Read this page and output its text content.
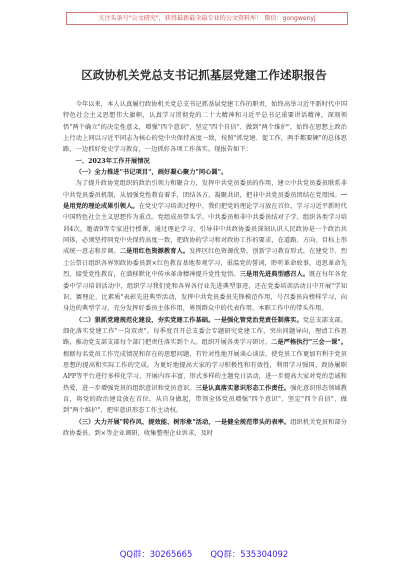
关注头条号"公文研究"，获得最新最全最专业的公文资料库！ 微信：gongwenyj
区政协机关党总支书记抓基层党建工作述职报告

今年以来，本人认真履行政协机关党总支书记抓基层党建工作的职责，始终高举习近平新时代中国特色社会主义思想伟大旗帜，认真学习贯彻党的二十大精神和习近平总书记重要讲话精神，深刻领悟"两个确立"的决定性意义，增强"四个意识"、坚定"四个自信"、做到"两个维护"，始终在思想上政治上行动上同以习近平同志为核心的党中央保持高度一致，按照"抓党建、促工作，两手都要硬"的总体思路，一边抓好党史学习教育，一边抓好各项工作落实。现报告如下：

一、2023年工作开展情况

（一）全力推进"书记项目"，画好凝心聚力"同心圆"。

为了提升政协党组织的政治引领力和聚合力，发挥中共党员委员的作用，建立中共党员委员联系非中共党员委员机制，从加强党性教育着手，团结各方，凝聚共识，把非中共党员委员团结在党周围。一是用党的理论成果引领人。在党史学习培训过程中，我们把党的理论学习放在首位，学习习近平新时代中国特色社会主义思想作为重点。党组成员带头学，中共委员和非中共委员结对子学。组织各类学习培训4次，邀请9等专家进行授课，通过理论学习，引导非中共政协委员深刻认识人民政协是一个政治共同体，必须坚持同党中央保持高度一致，把政协的学习和对政协工作的要求，在道路、方向、目标上形成统一意志和步调。二是用红色资源教育人。发挥区红色资源优势，创新学习教育形式，在建党节、烈士公祭日组织各界别政协委员到×红色教育基地参观学习，重温党的誓词，聆听革命故事，追思革命先烈，接受党性教育，在潜移默化中传承革命精神提升党性觉悟。三是用先进典型感召人。既在每年各党委中学习培训活动中，组织学习我们党和各界各行业先进典型事迹，还在党委培训活动日中开展"学知识、赛理论、比素质"表彰先进典型活动，发挥中共党员委员先锋模范作用，号召委员向榜样学习，向身边的典型学习，充分发挥好委员主体作用，界别群众中的代表作用，本职工作中的带头作用。

（二）狠抓党建规范化建设，夯实党建工作基础。一是强化管党治党责任制落实。党总支部支部，细化落实党建工作"一岗双责"。每季度召开总支委会专题研究党建工作，突出问题导向，理清工作思路，推动党支部支部每个部门把责任落实到个人。组织开展各类学习研讨。二是严格执行"三会一课"。根据每名党员工作完成情况和存在的思想问题，有针对性地开展谈心谈话，使党员工作更加有利于党员思想的提高和实际工作的完成。为更好地提高大家的学习积极性和有效性，利用学习强国、政协履职APP等平台进行多样化学习，开展内容丰富、形式多样的主题党日活动，进一步提高大家对党的忠诚和热爱，进一步增强党员的组织意识和党员意识。三是认真落实意识形态工作责任。强化意识形态领域教育，将党的政治建设放在首位，从自身做起，带领全体党员增强"四个意识"、坚定"四个自信"、做到"两个维护"，把牢意识形态工作主动权。

（三）大力开展"转作风、提效能、树形象"活动，一是健全规范带头的表率。组织机关党员和部分政协委员，到×等企业调研，收集整理企业诉求，及时

QQ群：30265665 QQ群：535304092
